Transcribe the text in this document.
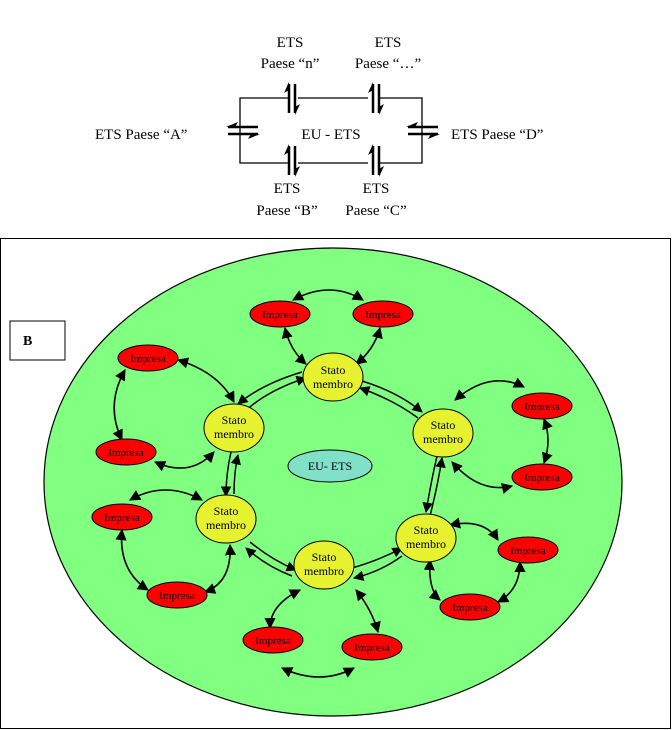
EU - ETS
ETS Paese “A”	ETS Paese “D”
ETS
Paese “n”
ETS
Paese “…”
ETS
Paese “B”
ETS
Paese “C”
B
EU- ETS
Stato
membro
Stato
membro
Stato
membro
Stato
membro	Stato
membro
Stato
membro
Impresa	Impresa
Impresa
Impresa
Impresa
Impresa
Impresa
Impresa
Impresa
Impresa
Impresa
Impresa
